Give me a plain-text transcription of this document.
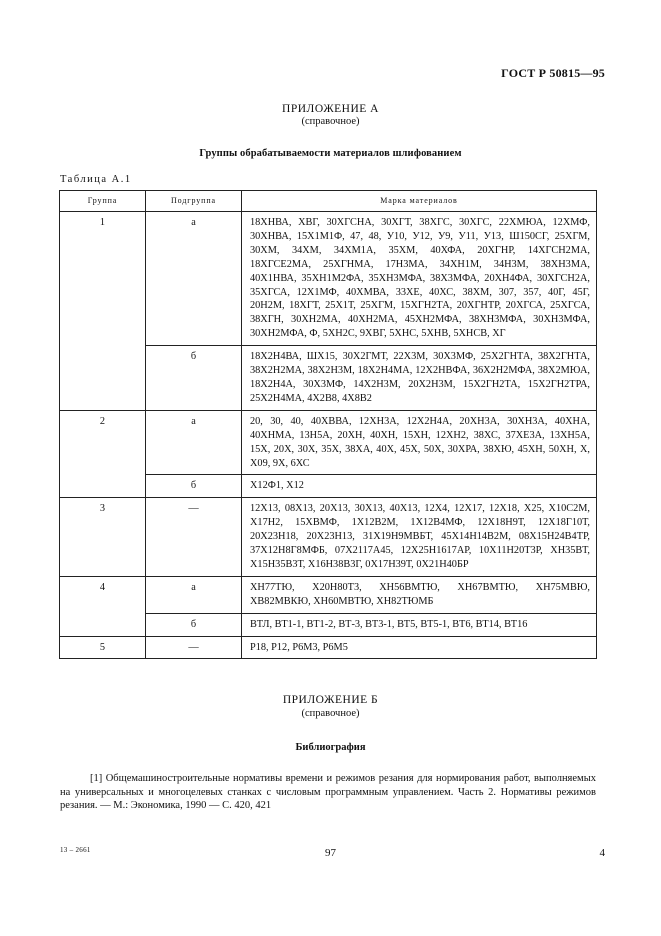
ГОСТ Р 50815—95
ПРИЛОЖЕНИЕ А
(справочное)
Группы обрабатываемости материалов шлифованием
Таблица А.1
Группа	Подгруппа	Марка материалов
1	а	18ХНВА, ХВГ, 30ХГСНА, 30ХГТ, 38ХГС, 30ХГС, 22ХМЮА, 12ХМФ, 30ХНВА, 15Х1М1Ф, 47, 48, У10, У12, У9, У11, У13, Ш150СГ, 25ХГМ, 30ХМ, 34ХМ, 34ХМ1А, 35ХМ, 40ХФА, 20ХГНР, 14ХГСН2МА, 18ХГСЕ2МА, 25ХГНМА, 17Н3МА, 34ХН1М, 34Н3М, 38ХН3МА, 40Х1НВА, 35ХН1М2ФА, 35ХН3МФА, 38Х3МФА, 20ХН4ФА, 30ХГСН2А, 35ХГСА, 12Х1МФ, 40ХМВА, 33ХЕ, 40ХС, 38ХМ, 307, 357, 40Г, 45Г, 20Н2М, 18ХГТ, 25Х1Т, 25ХГМ, 15ХГН2ТА, 20ХГНТР, 20ХГСА, 25ХГСА, 38ХГН, 30ХН2МА, 40ХН2МА, 45ХН2МФА, 38ХН3МФА, 30ХН3МФА, 30ХН2МФА, Ф, 5ХН2С, 9ХВГ, 5ХНС, 5ХНВ, 5ХНСВ, ХГ
	б	18Х2Н4ВА, ШХ15, 30Х2ГМТ, 22Х3М, 30Х3МФ, 25Х2ГНТА, 38Х2ГНТА, 38Х2Н2МА, 38Х2Н3М, 18Х2Н4МА, 12Х2НВФА, 36Х2Н2МФА, 38Х2МЮА, 18Х2Н4А, 30Х3МФ, 14Х2Н3М, 20Х2Н3М, 15Х2ГН2ТА, 15Х2ГН2ТРА, 25Х2Н4МА, 4Х2В8, 4Х8В2
2	а	20, 30, 40, 40ХВВА, 12ХН3А, 12Х2Н4А, 20ХН3А, 30ХН3А, 40ХНА, 40ХНМА, 13Н5А, 20ХН, 40ХН, 15ХН, 12ХН2, 38ХС, 37ХЕ3А, 13ХН5А, 15Х, 20Х, 30Х, 35Х, 38ХА, 40Х, 45Х, 50Х, 30ХРА, 38ХЮ, 45ХН, 50ХН, Х, Х09, 9Х, 6ХС
	б	Х12Ф1, Х12
3	—	12Х13, 08Х13, 20Х13, 30Х13, 40Х13, 12Х4, 12Х17, 12Х18, Х25, Х10С2М, Х17Н2, 15ХВМФ, 1Х12В2М, 1Х12В4МФ, 12Х18Н9Т, 12Х18Г10Т, 20Х23Н18, 20Х23Н13, 31Х19Н9МВБТ, 45Х14Н14В2М, 08Х15Н24В4ТР, 37Х12Н8Г8МФБ, 07Х2117А45, 12Х25Н1617АР, 10Х11Н20Т3Р, ХН35ВТ, Х15Н35В3Т, Х16Н38В3Г, 0Х17Н39Т, 0Х21Н40БР
4	а	ХН77ТЮ, Х20Н80Т3, ХН56ВМТЮ, ХН67ВМТЮ, ХН75МВЮ, ХВ82МВКЮ, ХН60МВТЮ, ХН82ТЮМБ
	б	ВТЛ, ВТ1-1, ВТ1-2, ВТ-3, ВТ3-1, ВТ5, ВТ5-1, ВТ6, ВТ14, ВТ16
5	—	Р18, Р12, Р6М3, Р6М5
ПРИЛОЖЕНИЕ Б
(справочное)
Библиография
[1] Общемашиностроительные нормативы времени и режимов резания для нормирования работ, выполняемых на универсальных и многоцелевых станках с числовым программным управлением. Часть 2. Нормативы режимов резания. — М.: Экономика, 1990 — С. 420, 421
13 – 2661	97	4
